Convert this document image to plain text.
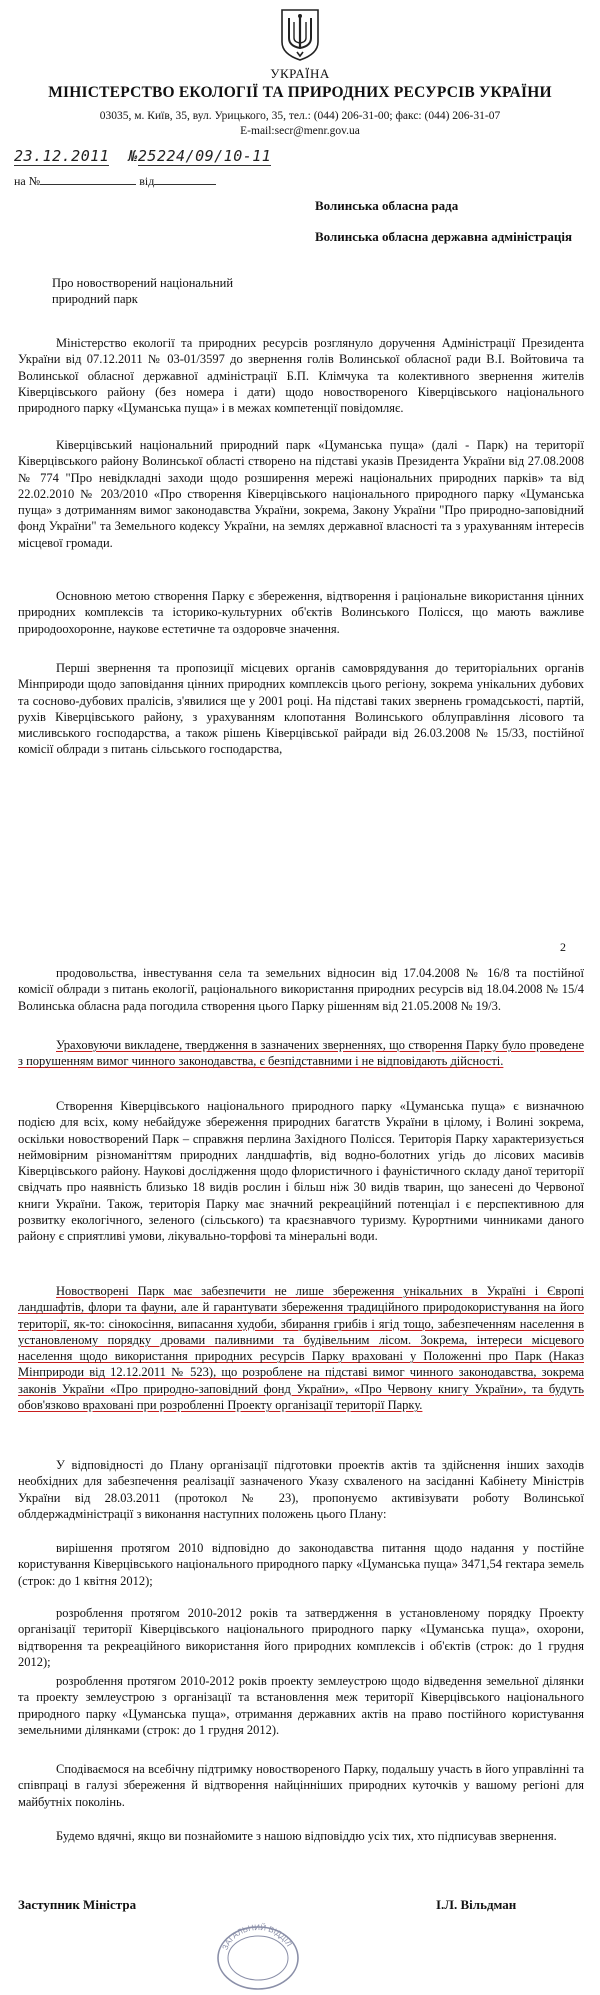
УКРАЇНА
МІНІСТЕРСТВО ЕКОЛОГІЇ ТА ПРИРОДНИХ РЕСУРСІВ УКРАЇНИ
03035, м. Київ, 35, вул. Урицького, 35, тел.: (044) 206-31-00; факс: (044) 206-31-07
E-mail:secr@menr.gov.ua
23.12.2011 №25224/09/10-11
на №	від

Волинська обласна рада

Волинська обласна державна адміністрація

Про новостворений національний природний парк

Міністерство екології та природних ресурсів розглянуло доручення Адміністрації Президента України від 07.12.2011 № 03-01/3597 до звернення голів Волинської обласної ради В.І. Войтовича та Волинської обласної державної адміністрації Б.П. Клімчука та колективного звернення жителів Ківерцівського району (без номера і дати) щодо новоствореного Ківерцівського національного природного парку «Цуманська пуща» і в межах компетенції повідомляє.

Ківерцівський національний природний парк «Цуманська пуща» (далі - Парк) на території Ківерцівського району Волинської області створено на підставі указів Президента України від 27.08.2008 № 774 "Про невідкладні заходи щодо розширення мережі національних природних парків» та від 22.02.2010 № 203/2010 «Про створення Ківерцівського національного природного парку «Цуманська пуща» з дотриманням вимог законодавства України, зокрема, Закону України "Про природно-заповідний фонд України" та Земельного кодексу України, на землях державної власності та з урахуванням інтересів місцевої громади.

Основною метою створення Парку є збереження, відтворення і раціональне використання цінних природних комплексів та історико-культурних об'єктів Волинського Полісся, що мають важливе природоохоронне, наукове естетичне та оздоровче значення.

Перші звернення та пропозиції місцевих органів самоврядування до територіальних органів Мінприроди щодо заповідання цінних природних комплексів цього регіону, зокрема унікальних дубових та сосново-дубових пралісів, з'явилися ще у 2001 році. На підставі таких звернень громадськості, партій, рухів Ківерцівського району, з урахуванням клопотання Волинського облуправління лісового та мисливського господарства, а також рішень Ківерцівської райради від 26.03.2008 № 15/33, постійної комісії облради з питань сільського господарства,

2

продовольства, інвестування села та земельних відносин від 17.04.2008 № 16/8 та постійної комісії облради з питань екології, раціонального використання природних ресурсів від 18.04.2008 № 15/4 Волинська обласна рада погодила створення цього Парку рішенням від 21.05.2008 № 19/3.

Ураховуючи викладене, твердження в зазначених зверненнях, що створення Парку було проведене з порушенням вимог чинного законодавства, є безпідставними і не відповідають дійсності.

Створення Ківерцівського національного природного парку «Цуманська пуща» є визначною подією для всіх, кому небайдуже збереження природних багатств України в цілому, і Волині зокрема, оскільки новостворений Парк – справжня перлина Західного Полісся. Територія Парку характеризується неймовірним різноманіттям природних ландшафтів, від водно-болотних угідь до лісових масивів Ківерцівського району. Наукові дослідження щодо флористичного і фауністичного складу даної території свідчать про наявність близько 18 видів рослин і більш ніж 30 видів тварин, що занесені до Червоної книги України. Також, територія Парку має значний рекреаційний потенціал і є перспективною для розвитку екологічного, зеленого (сільського) та краєзнавчого туризму. Курортними чинниками даного району є сприятливі умови, лікувально-торфові та мінеральні води.

Новостворені Парк має забезпечити не лише збереження унікальних в Україні і Європі ландшафтів, флори та фауни, але й гарантувати збереження традиційного природокористування на його території, як-то: сінокосіння, випасання худоби, збирання грибів і ягід тощо, забезпеченням населення в установленому порядку дровами паливними та будівельним лісом. Зокрема, інтереси місцевого населення щодо використання природних ресурсів Парку враховані у Положенні про Парк (Наказ Мінприроди від 12.12.2011 № 523), що розроблене на підставі вимог чинного законодавства, зокрема законів України «Про природно-заповідний фонд України», «Про Червону книгу України», та будуть обов'язково враховані при розробленні Проекту організації території Парку.

У відповідності до Плану організації підготовки проектів актів та здійснення інших заходів необхідних для забезпечення реалізації зазначеного Указу схваленого на засіданні Кабінету Міністрів України від 28.03.2011 (протокол № 23), пропонуємо активізувати роботу Волинської облдержадміністрації з виконання наступних положень цього Плану:

вирішення протягом 2010 відповідно до законодавства питання щодо надання у постійне користування Ківерцівського національного природного парку «Цуманська пуща» 3471,54 гектара земель (строк: до 1 квітня 2012);

розроблення протягом 2010-2012 років та затвердження в установленому порядку Проекту організації території Ківерцівського національного природного парку «Цуманська пуща», охорони, відтворення та рекреаційного використання його природних комплексів і об'єктів (строк: до 1 грудня 2012);

розроблення протягом 2010-2012 років проекту землеустрою щодо відведення земельної ділянки та проекту землеустрою з організації та встановлення меж території Ківерцівського національного природного парку «Цуманська пуща», отримання державних актів на право постійного користування земельними ділянками (строк: до 1 грудня 2012).

Сподіваємося на всебічну підтримку новоствореного Парку, подальшу участь в його управлінні та співпраці в галузі збереження й відтворення найцінніших природних куточків у вашому регіоні для майбутніх поколінь.

Будемо вдячні, якщо ви познайомите з нашою відповіддю усіх тих, хто підписував звернення.

Заступник Міністра	І.Л. Вільдман
ЗАГАЛЬНИЙ ВІДДІЛ
